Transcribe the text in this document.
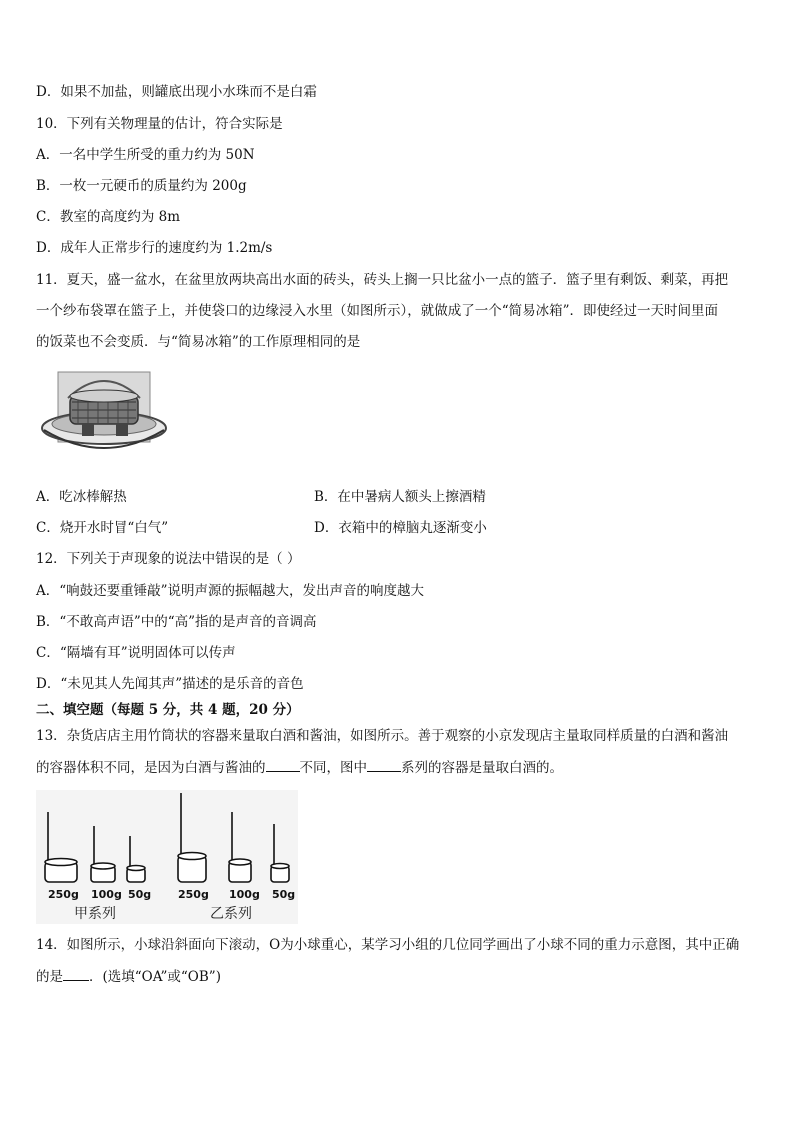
D．如果不加盐，则罐底出现小水珠而不是白霜
10．下列有关物理量的估计，符合实际是
A．一名中学生所受的重力约为 50N
B．一枚一元硬币的质量约为 200g
C．教室的高度约为 8m
D．成年人正常步行的速度约为 1.2m/s
11．夏天，盛一盆水，在盆里放两块高出水面的砖头，砖头上搁一只比盆小一点的篮子．篮子里有剩饭、剩菜，再把
一个纱布袋罩在篮子上，并使袋口的边缘浸入水里（如图所示），就做成了一个“简易冰箱”．即使经过一天时间里面
的饭菜也不会变质．与“简易冰箱”的工作原理相同的是
A．吃冰棒解热	B．在中暑病人额头上擦酒精
C．烧开水时冒“白气”	D．衣箱中的樟脑丸逐渐变小
12．下列关于声现象的说法中错误的是（ ）
A．“响鼓还要重锤敲”说明声源的振幅越大，发出声音的响度越大
B．“不敢高声语”中的“高”指的是声音的音调高
C．“隔墙有耳”说明固体可以传声
D．“未见其人先闻其声”描述的是乐音的音色
二、填空题（每题 5 分，共 4 题，20 分）
13．杂货店店主用竹筒状的容器来量取白酒和酱油，如图所示。善于观察的小京发现店主量取同样质量的白酒和酱油
的容器体积不同，是因为白酒与酱油的	不同，图中	系列的容器是量取白酒的。
250g 100g 50g 250g 100g 50g
甲系列	乙系列
14．如图所示，小球沿斜面向下滚动，O为小球重心，某学习小组的几位同学画出了小球不同的重力示意图，其中正确
的是 ．(选填“OA”或“OB”)
